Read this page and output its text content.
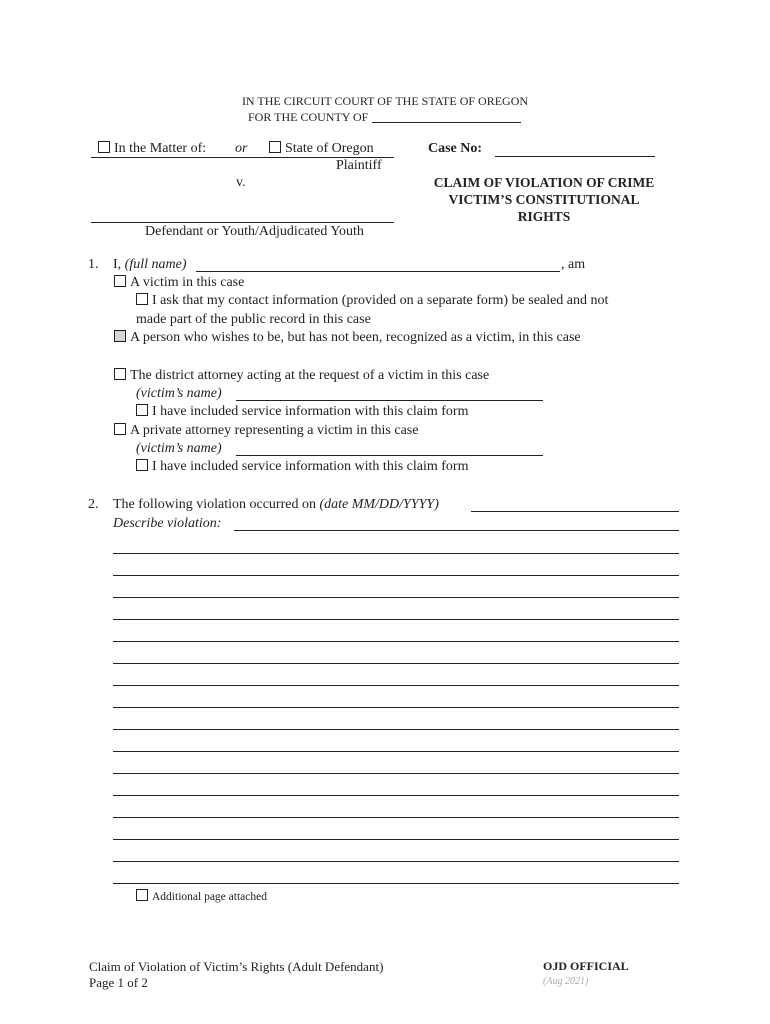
IN THE CIRCUIT COURT OF THE STATE OF OREGON
FOR THE COUNTY OF
In the Matter of: or	State of Oregon
Plaintiff
v.
Defendant or Youth/Adjudicated Youth
Case No:
CLAIM OF VIOLATION OF CRIME VICTIM’S CONSTITUTIONAL RIGHTS
1. I, (full name)	, am
A victim in this case
I ask that my contact information (provided on a separate form) be sealed and not
made part of the public record in this case
A person who wishes to be, but has not been, recognized as a victim, in this case
The district attorney acting at the request of a victim in this case
(victim’s name)
I have included service information with this claim form
A private attorney representing a victim in this case
(victim’s name)
I have included service information with this claim form
2. The following violation occurred on (date MM/DD/YYYY)
Describe violation:
Additional page attached
Claim of Violation of Victim’s Rights (Adult Defendant)
Page 1 of 2
OJD OFFICIAL
(Aug 2021)
